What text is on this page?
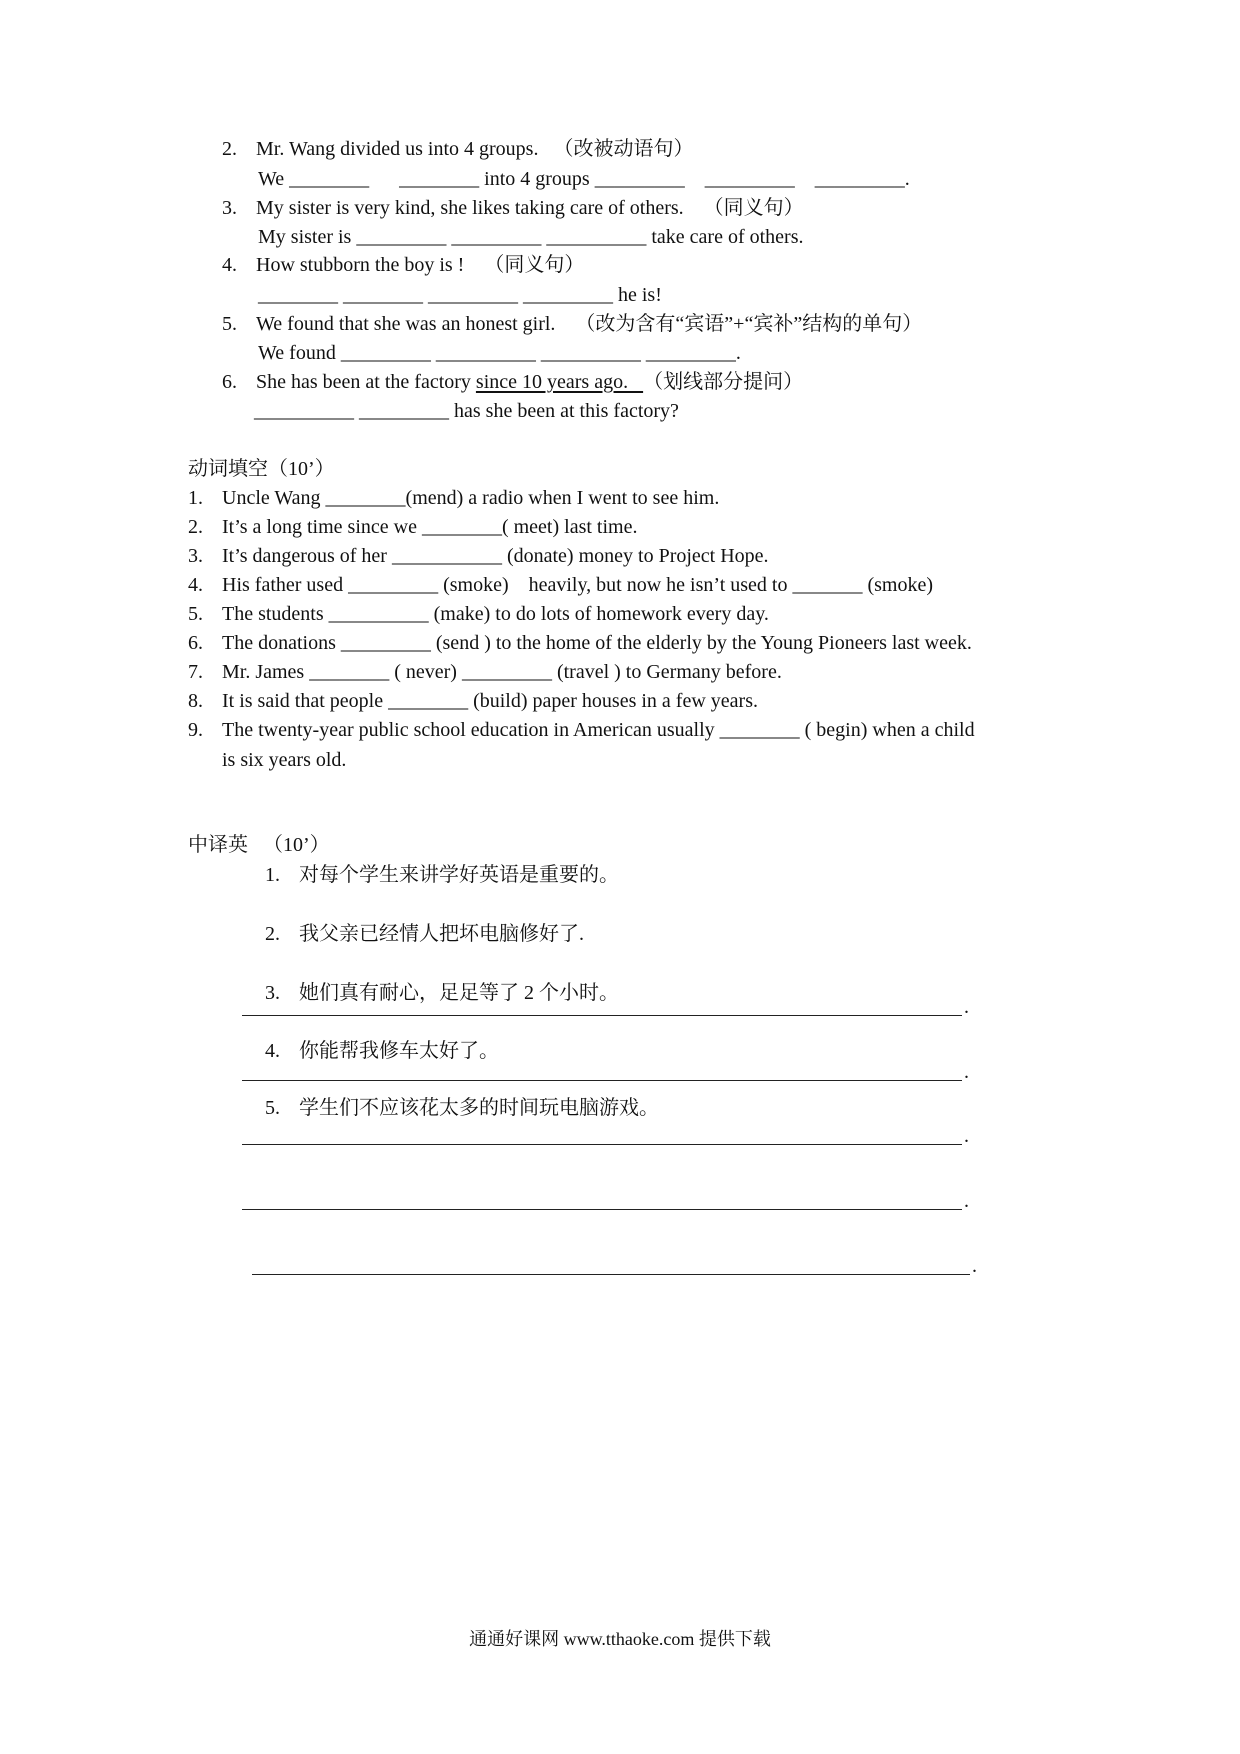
2. Mr. Wang divided us into 4 groups.   （改被动语句）
We ________      ________ into 4 groups _________    _________    _________.
3. My sister is very kind, she likes taking care of others.    （同义句）
My sister is _________ _________ __________ take care of others.
4. How stubborn the boy is !    （同义句）
________ ________ _________ _________ he is!
5. We found that she was an honest girl.    （改为含有“宾语”+“宾补”结构的单句）
We found _________ __________ __________ _________.
6. She has been at the factory since 10 years ago.   （划线部分提问）
__________ _________ has she been at this factory?
动词填空（10’）
1. Uncle Wang ________(mend) a radio when I went to see him.
2. It’s a long time since we ________( meet) last time.
3. It’s dangerous of her ___________ (donate) money to Project Hope.
4. His father used _________ (smoke)    heavily, but now he isn’t used to _______ (smoke)
5. The students __________ (make) to do lots of homework every day.
6. The donations _________ (send ) to the home of the elderly by the Young Pioneers last week.
7. Mr. James ________ ( never) _________ (travel ) to Germany before.
8. It is said that people ________ (build) paper houses in a few years.
9. The twenty-year public school education in American usually ________ ( begin) when a child
is six years old.
中译英   （10’）
1. 对每个学生来讲学好英语是重要的。
.
2. 我父亲已经情人把坏电脑修好了.
.
3. 她们真有耐心，足足等了 2 个小时。
.
4. 你能帮我修车太好了。
.
5. 学生们不应该花太多的时间玩电脑游戏。
.
通通好课网 www.tthaoke.com 提供下载
